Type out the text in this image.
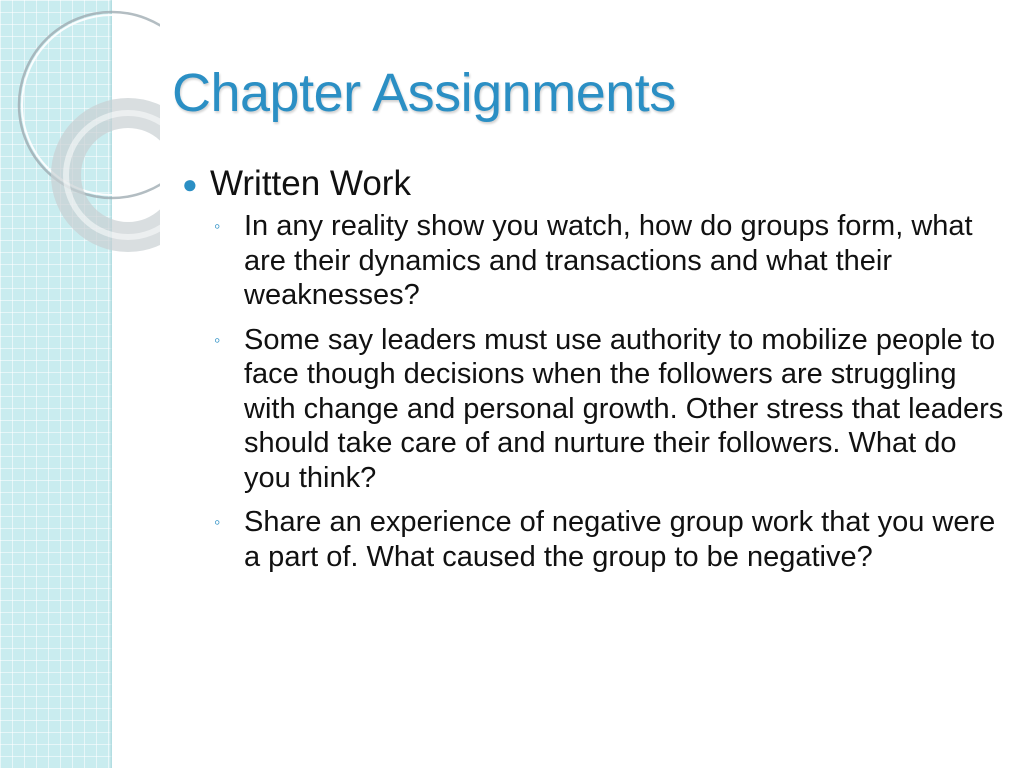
Chapter Assignments
● Written Work
◦ In any reality show you watch, how do groups form, what are their dynamics and transactions and what their weaknesses?
◦ Some say leaders must use authority to mobilize people to face though decisions when the followers are struggling with change and personal growth. Other stress that leaders should take care of and nurture their followers. What do you think?
◦ Share an experience of negative group work that you were a part of. What caused the group to be negative?
